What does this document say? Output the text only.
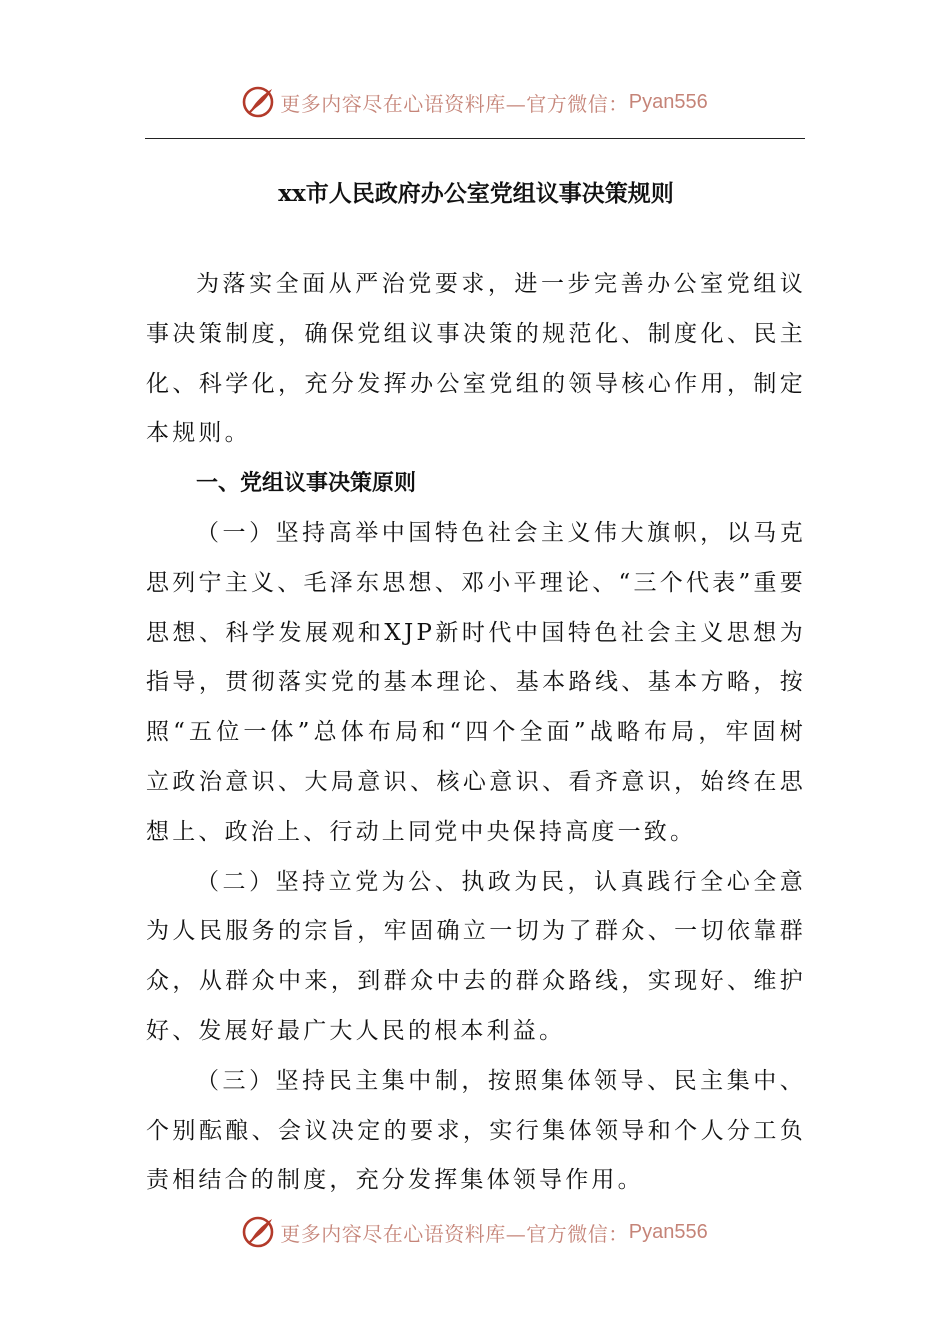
更多内容尽在心语资料库—官方微信： Pyan556
xx市人民政府办公室党组议事决策规则

为落实全面从严治党要求，进一步完善办公室党组议事决策制度，确保党组议事决策的规范化、制度化、民主化、科学化，充分发挥办公室党组的领导核心作用，制定本规则。

一、党组议事决策原则

（一）坚持高举中国特色社会主义伟大旗帜，以马克思列宁主义、毛泽东思想、邓小平理论、“三个代表”重要思想、科学发展观和XJP新时代中国特色社会主义思想为指导，贯彻落实党的基本理论、基本路线、基本方略，按照“五位一体”总体布局和“四个全面”战略布局，牢固树立政治意识、大局意识、核心意识、看齐意识，始终在思想上、政治上、行动上同党中央保持高度一致。

（二）坚持立党为公、执政为民，认真践行全心全意为人民服务的宗旨，牢固确立一切为了群众、一切依靠群众，从群众中来，到群众中去的群众路线，实现好、维护好、发展好最广大人民的根本利益。

（三）坚持民主集中制，按照集体领导、民主集中、个别酝酿、会议决定的要求，实行集体领导和个人分工负责相结合的制度，充分发挥集体领导作用。

更多内容尽在心语资料库—官方微信： Pyan556
